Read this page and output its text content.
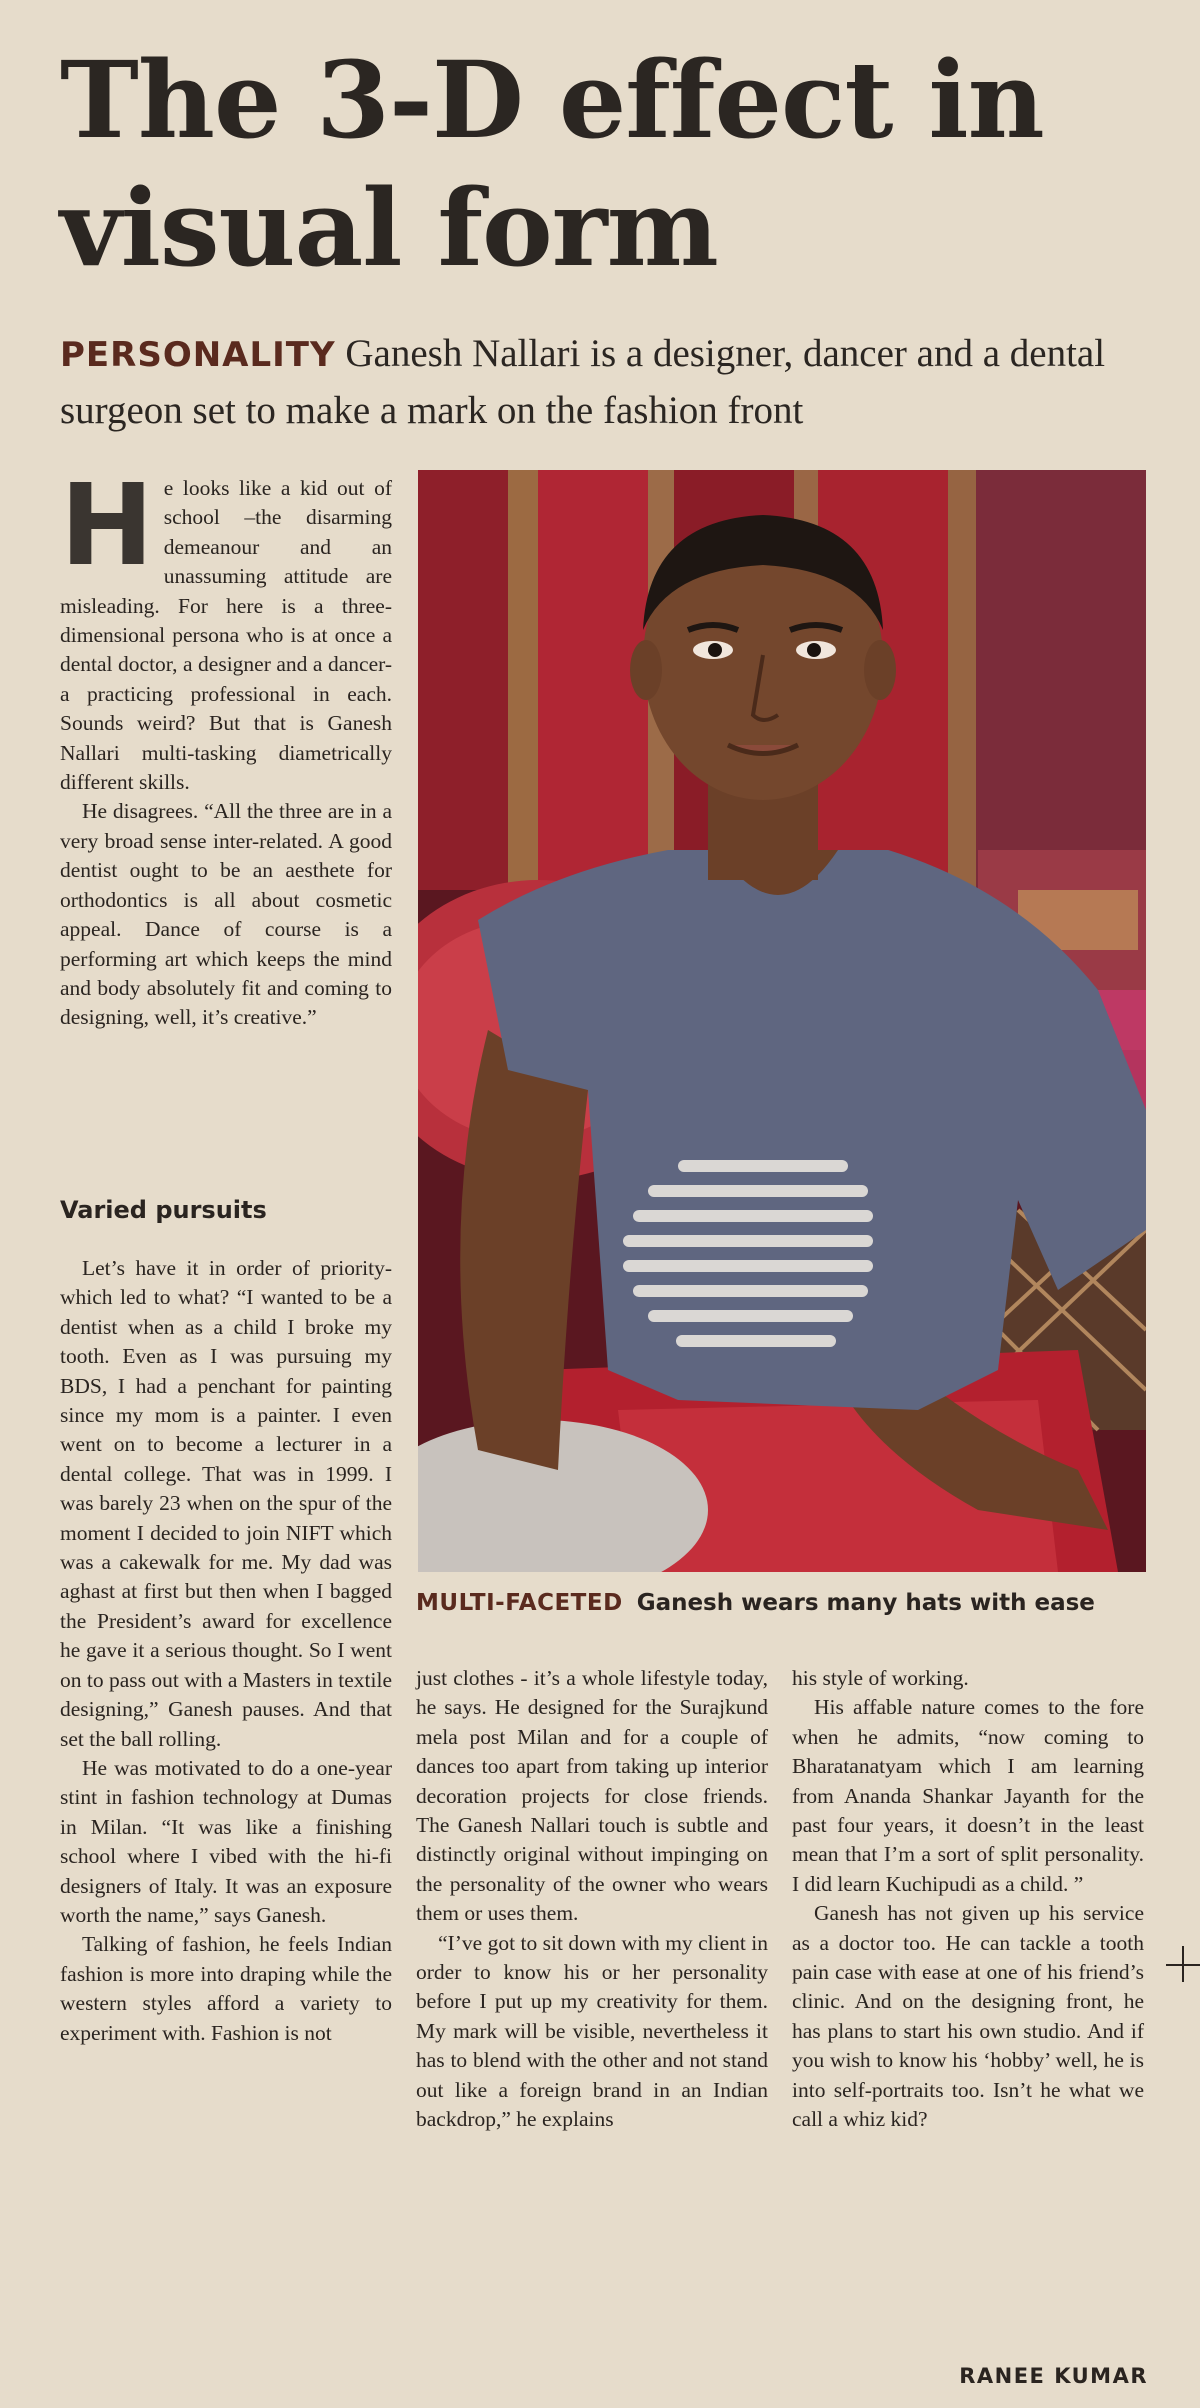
The 3-D effect in
visual form

PERSONALITY Ganesh Nallari is a designer, dancer and a dental surgeon set to make a mark on the fashion front

H e looks like a kid out of school –the disarming demeanour and an unassuming attitude are misleading. For here is a three-dimensional persona who is at once a dental doctor, a designer and a dancer-a practicing professional in each. Sounds weird? But that is Ganesh Nallari multi-tasking diametrically different skills.

He disagrees. “All the three are in a very broad sense inter-related. A good dentist ought to be an aesthete for orthodontics is all about cosmetic appeal. Dance of course is a performing art which keeps the mind and body absolutely fit and coming to designing, well, it’s creative.”

Varied pursuits

Let’s have it in order of priority-which led to what? “I wanted to be a dentist when as a child I broke my tooth. Even as I was pursuing my BDS, I had a penchant for painting since my mom is a painter. I even went on to become a lecturer in a dental college. That was in 1999. I was barely 23 when on the spur of the moment I decided to join NIFT which was a cakewalk for me. My dad was aghast at first but then when I bagged the President’s award for excellence he gave it a serious thought. So I went on to pass out with a Masters in textile designing,” Ganesh pauses. And that set the ball rolling.

He was motivated to do a one-year stint in fashion technology at Dumas in Milan. “It was like a finishing school where I vibed with the hi-fi designers of Italy. It was an exposure worth the name,” says Ganesh.

Talking of fashion, he feels Indian fashion is more into draping while the western styles afford a variety to experiment with. Fashion is not

MULTI-FACETED Ganesh wears many hats with ease

just clothes - it’s a whole lifestyle today, he says. He designed for the Surajkund mela post Milan and for a couple of dances too apart from taking up interior decoration projects for close friends. The Ganesh Nallari touch is subtle and distinctly original without impinging on the personality of the owner who wears them or uses them.

“I’ve got to sit down with my client in order to know his or her personality before I put up my creativity for them. My mark will be visible, nevertheless it has to blend with the other and not stand out like a foreign brand in an Indian backdrop,” he explains

his style of working.

His affable nature comes to the fore when he admits, “now coming to Bharatanatyam which I am learning from Ananda Shankar Jayanth for the past four years, it doesn’t in the least mean that I’m a sort of split personality. I did learn Kuchipudi as a child. ”

Ganesh has not given up his service as a doctor too. He can tackle a tooth pain case with ease at one of his friend’s clinic. And on the designing front, he has plans to start his own studio. And if you wish to know his ‘hobby’ well, he is into self-portraits too. Isn’t he what we call a whiz kid?

RANEE KUMAR
